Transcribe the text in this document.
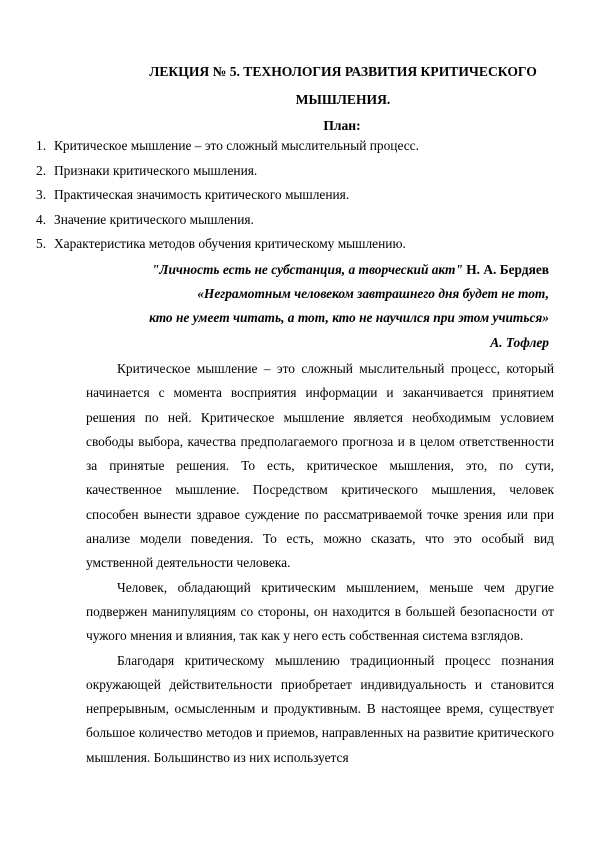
ЛЕКЦИЯ № 5. ТЕХНОЛОГИЯ РАЗВИТИЯ КРИТИЧЕСКОГО МЫШЛЕНИЯ.
План:
1. Критическое мышление – это сложный мыслительный процесс.
2. Признаки критического мышления.
3. Практическая значимость критического мышления.
4. Значение критического мышления.
5. Характеристика методов обучения критическому мышлению.
"Личность есть не субстанция, а творческий акт" Н. А. Бердяев
«Неграмотным человеком завтрашнего дня будет не тот,
кто не умеет читать, а тот, кто не научился при этом учиться»
А. Тофлер

Критическое мышление – это сложный мыслительный процесс, который начинается с момента восприятия информации и заканчивается принятием решения по ней. Критическое мышление является необходимым условием свободы выбора, качества предполагаемого прогноза и в целом ответственности за принятые решения. То есть, критическое мышления, это, по сути, качественное мышление. Посредством критического мышления, человек способен вынести здравое суждение по рассматриваемой точке зрения или при анализе модели поведения. То есть, можно сказать, что это особый вид умственной деятельности человека.

Человек, обладающий критическим мышлением, меньше чем другие подвержен манипуляциям со стороны, он находится в большей безопасности от чужого мнения и влияния, так как у него есть собственная система взглядов.

Благодаря критическому мышлению традиционный процесс познания окружающей действительности приобретает индивидуальность и становится непрерывным, осмысленным и продуктивным. В настоящее время, существует большое количество методов и приемов, направленных на развитие критического мышления. Большинство из них используется
